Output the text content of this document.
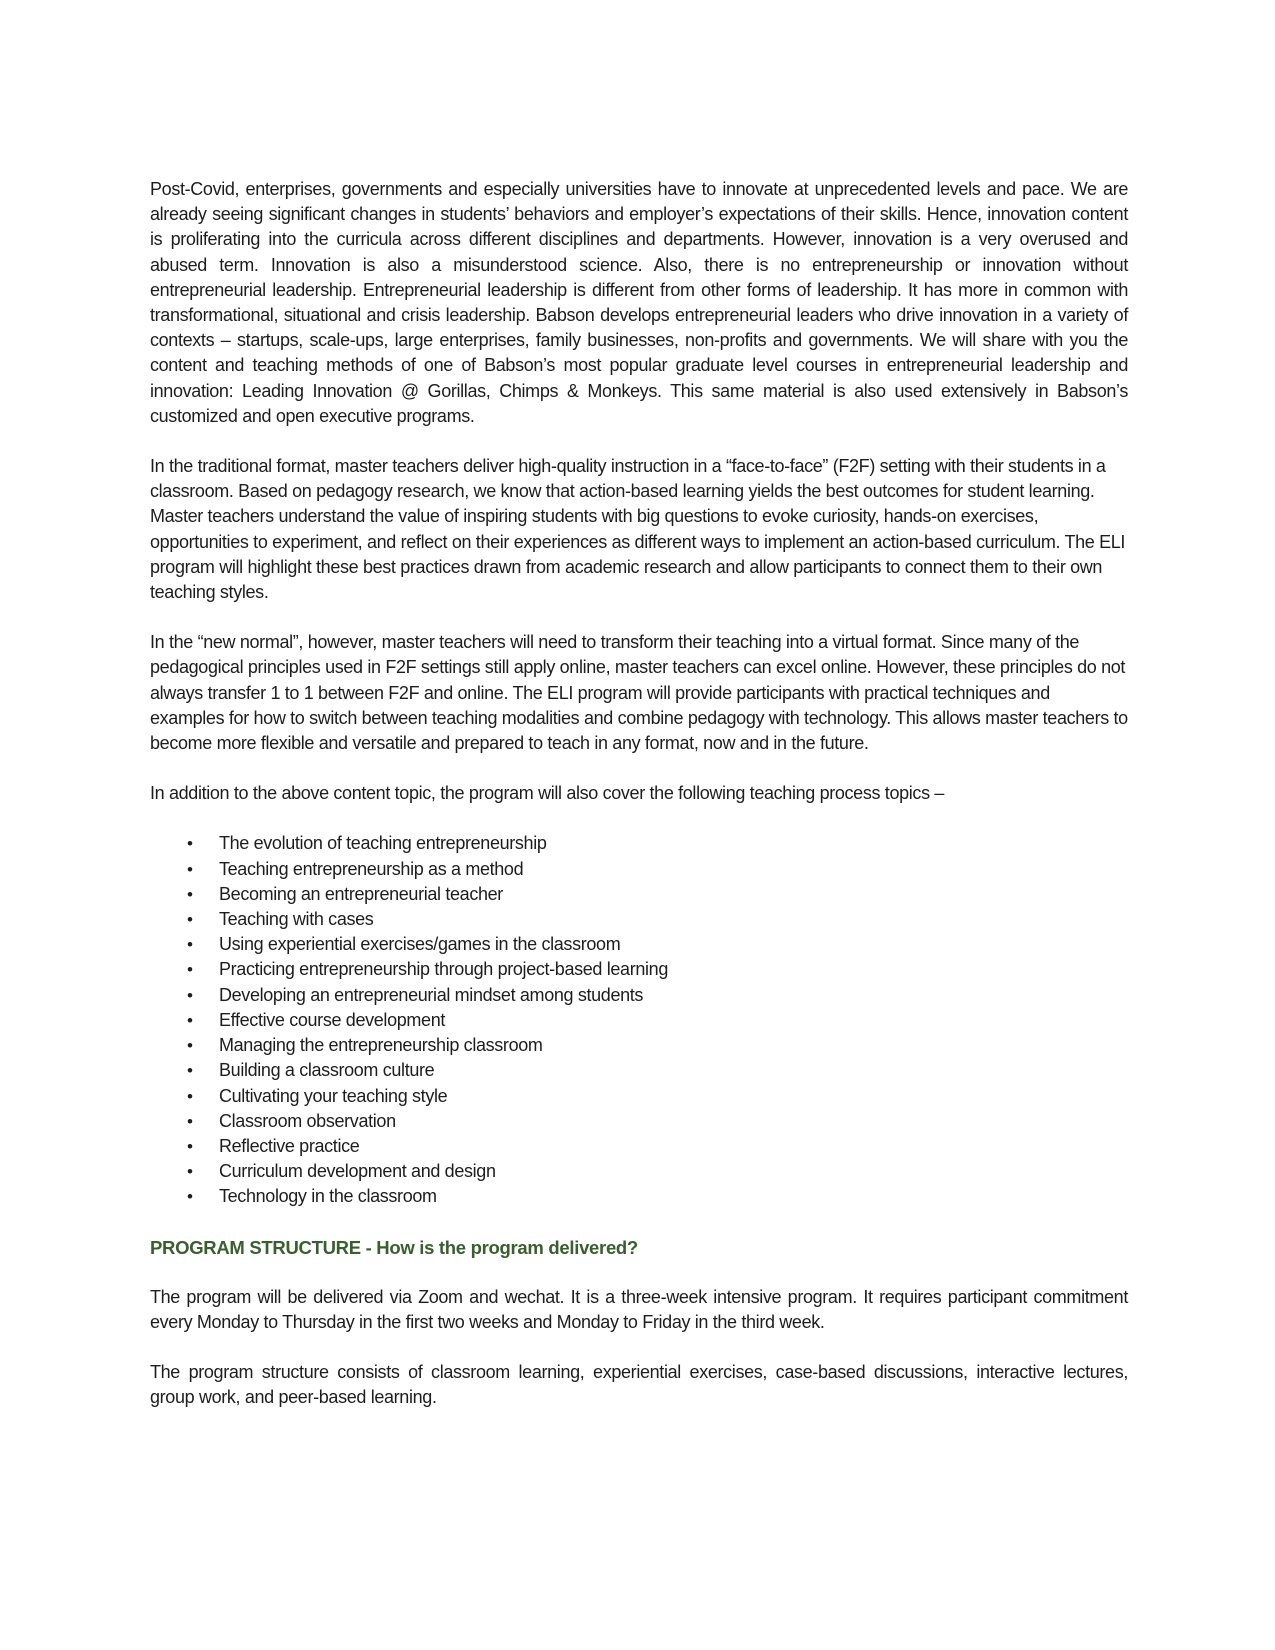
Post-Covid, enterprises, governments and especially universities have to innovate at unprecedented levels and pace. We are already seeing significant changes in students’ behaviors and employer’s expectations of their skills. Hence, innovation content is proliferating into the curricula across different disciplines and departments. However, innovation is a very overused and abused term. Innovation is also a misunderstood science. Also, there is no entrepreneurship or innovation without entrepreneurial leadership. Entrepreneurial leadership is different from other forms of leadership. It has more in common with transformational, situational and crisis leadership. Babson develops entrepreneurial leaders who drive innovation in a variety of contexts – startups, scale-ups, large enterprises, family businesses, non-profits and governments. We will share with you the content and teaching methods of one of Babson’s most popular graduate level courses in entrepreneurial leadership and innovation: Leading Innovation @ Gorillas, Chimps & Monkeys. This same material is also used extensively in Babson’s customized and open executive programs.

In the traditional format, master teachers deliver high-quality instruction in a “face-to-face” (F2F) setting with their students in a classroom. Based on pedagogy research, we know that action-based learning yields the best outcomes for student learning. Master teachers understand the value of inspiring students with big questions to evoke curiosity, hands-on exercises, opportunities to experiment, and reflect on their experiences as different ways to implement an action-based curriculum. The ELI program will highlight these best practices drawn from academic research and allow participants to connect them to their own teaching styles.

In the “new normal”, however, master teachers will need to transform their teaching into a virtual format. Since many of the pedagogical principles used in F2F settings still apply online, master teachers can excel online. However, these principles do not always transfer 1 to 1 between F2F and online. The ELI program will provide participants with practical techniques and examples for how to switch between teaching modalities and combine pedagogy with technology. This allows master teachers to become more flexible and versatile and prepared to teach in any format, now and in the future.

In addition to the above content topic, the program will also cover the following teaching process topics –

• The evolution of teaching entrepreneurship
• Teaching entrepreneurship as a method
• Becoming an entrepreneurial teacher
• Teaching with cases
• Using experiential exercises/games in the classroom
• Practicing entrepreneurship through project-based learning
• Developing an entrepreneurial mindset among students
• Effective course development
• Managing the entrepreneurship classroom
• Building a classroom culture
• Cultivating your teaching style
• Classroom observation
• Reflective practice
• Curriculum development and design
• Technology in the classroom
PROGRAM STRUCTURE - How is the program delivered?

The program will be delivered via Zoom and wechat. It is a three-week intensive program. It requires participant commitment every Monday to Thursday in the first two weeks and Monday to Friday in the third week.

The program structure consists of classroom learning, experiential exercises, case-based discussions, interactive lectures, group work, and peer-based learning.
